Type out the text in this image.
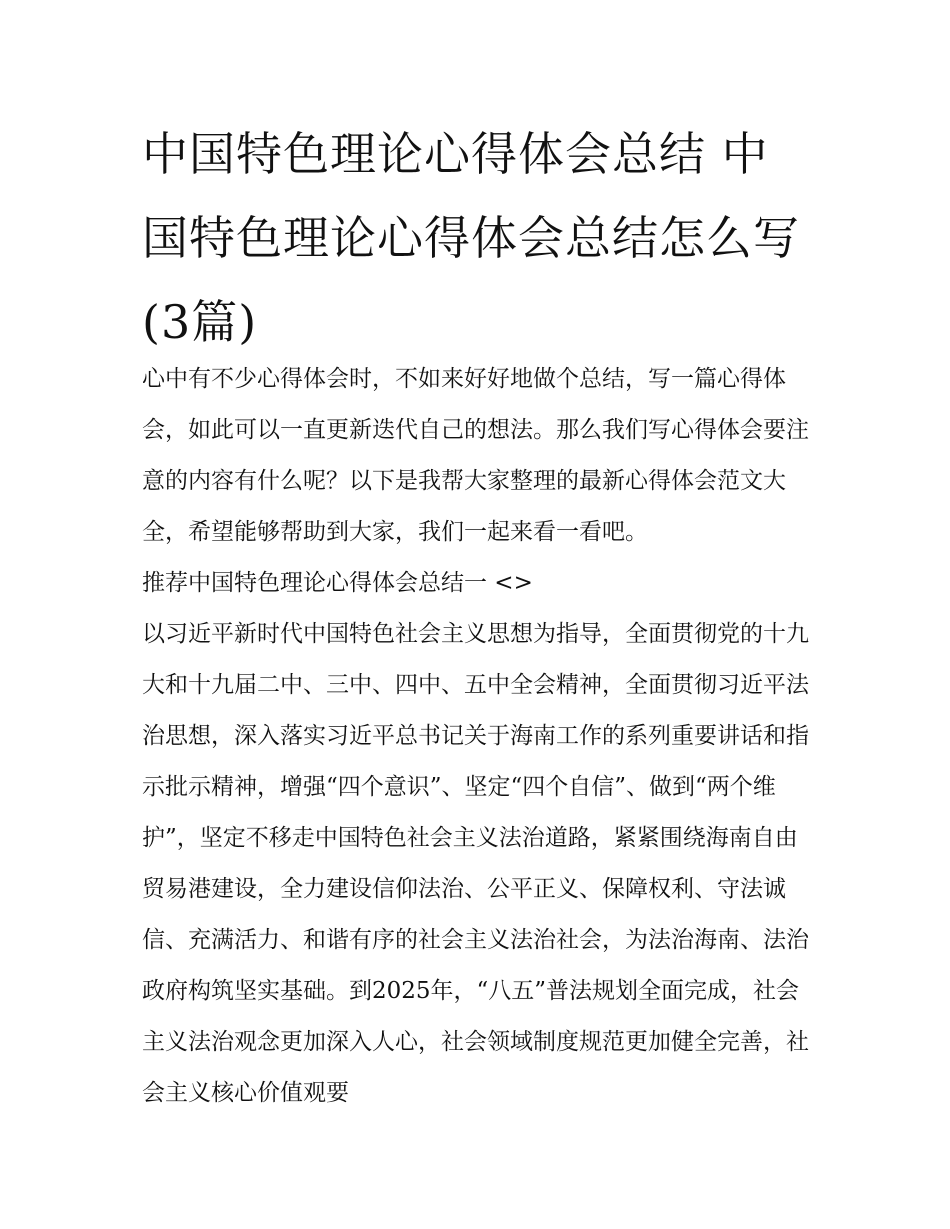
中国特色理论心得体会总结 中国特色理论心得体会总结怎么写(3篇)

心中有不少心得体会时，不如来好好地做个总结，写一篇心得体会，如此可以一直更新迭代自己的想法。那么我们写心得体会要注意的内容有什么呢？以下是我帮大家整理的最新心得体会范文大全，希望能够帮助到大家，我们一起来看一看吧。

推荐中国特色理论心得体会总结一 <>

以习近平新时代中国特色社会主义思想为指导，全面贯彻党的十九大和十九届二中、三中、四中、五中全会精神，全面贯彻习近平法治思想，深入落实习近平总书记关于海南工作的系列重要讲话和指示批示精神，增强“四个意识”、坚定“四个自信”、做到“两个维护”，坚定不移走中国特色社会主义法治道路，紧紧围绕海南自由贸易港建设，全力建设信仰法治、公平正义、保障权利、守法诚信、充满活力、和谐有序的社会主义法治社会，为法治海南、法治政府构筑坚实基础。到2025年，“八五”普法规划全面完成，社会主义法治观念更加深入人心，社会领域制度规范更加健全完善，社会主义核心价值观要
